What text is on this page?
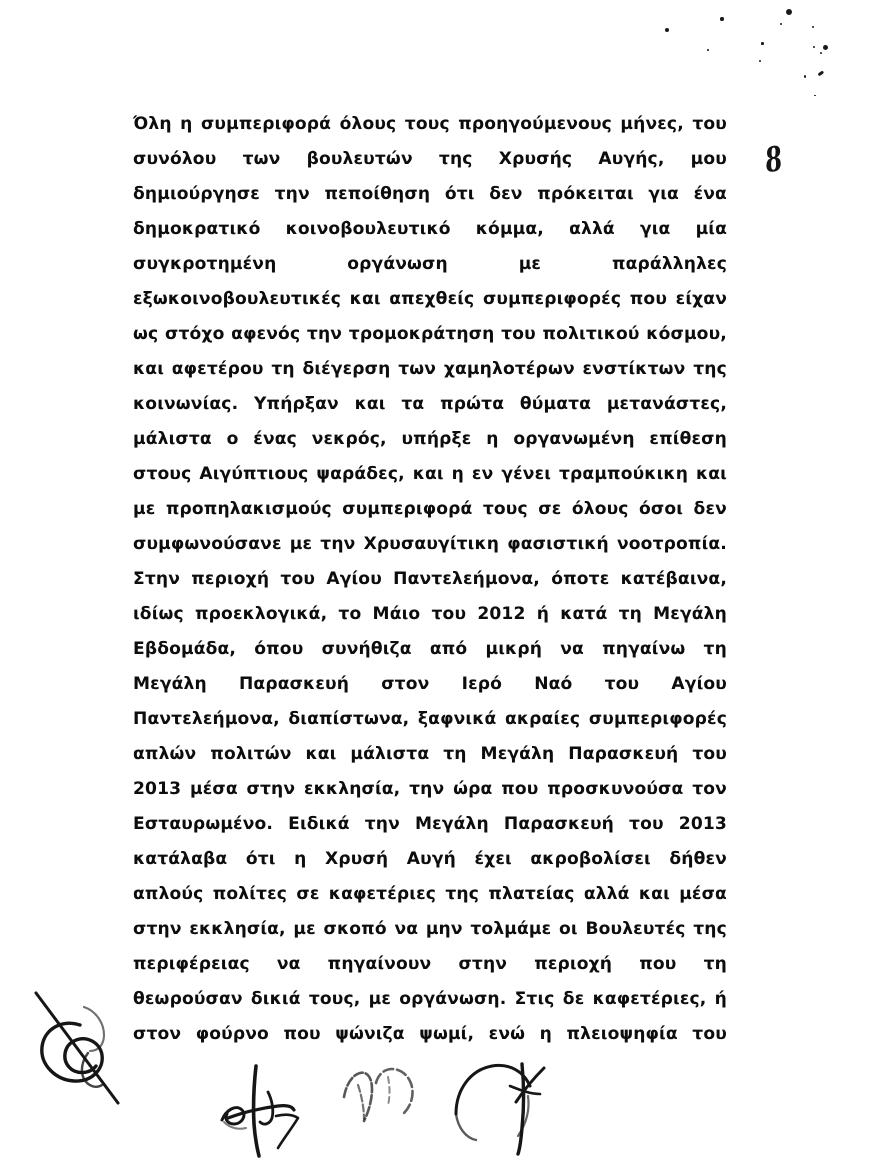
8
Όλη η συμπεριφορά όλους τους προηγούμενους μήνες, του
συνόλου των βουλευτών της Χρυσής Αυγής, μου
δημιούργησε την πεποίθηση ότι δεν πρόκειται για ένα
δημοκρατικό κοινοβουλευτικό κόμμα, αλλά για μία
συγκροτημένη	οργάνωση	με	παράλληλες
εξωκοινοβουλευτικές και απεχθείς συμπεριφορές που είχαν
ως στόχο αφενός την τρομοκράτηση του πολιτικού κόσμου,
και αφετέρου τη διέγερση των χαμηλοτέρων ενστίκτων της
κοινωνίας. Υπήρξαν και τα πρώτα θύματα μετανάστες,
μάλιστα ο ένας νεκρός, υπήρξε η οργανωμένη επίθεση
στους Αιγύπτιους ψαράδες, και η εν γένει τραμπούκικη και
με προπηλακισμούς συμπεριφορά τους σε όλους όσοι δεν
συμφωνούσανε με την Χρυσαυγίτικη φασιστική νοοτροπία.
Στην περιοχή του Αγίου Παντελεήμονα, όποτε κατέβαινα,
ιδίως προεκλογικά, το Μάιο του 2012 ή κατά τη Μεγάλη
Εβδομάδα, όπου συνήθιζα από μικρή να πηγαίνω τη
Μεγάλη Παρασκευή στον Ιερό Ναό του Αγίου
Παντελεήμονα, διαπίστωνα, ξαφνικά ακραίες συμπεριφορές
απλών πολιτών και μάλιστα τη Μεγάλη Παρασκευή του
2013 μέσα στην εκκλησία, την ώρα που προσκυνούσα τον
Εσταυρωμένο. Ειδικά την Μεγάλη Παρασκευή του 2013
κατάλαβα ότι η Χρυσή Αυγή έχει ακροβολίσει δήθεν
απλούς πολίτες σε καφετέριες της πλατείας αλλά και μέσα
στην εκκλησία, με σκοπό να μην τολμάμε οι Βουλευτές της
περιφέρειας να πηγαίνουν στην περιοχή που τη
θεωρούσαν δικιά τους, με οργάνωση. Στις δε καφετέριες, ή
στον φούρνο που ψώνιζα ψωμί, ενώ η πλειοψηφία του
